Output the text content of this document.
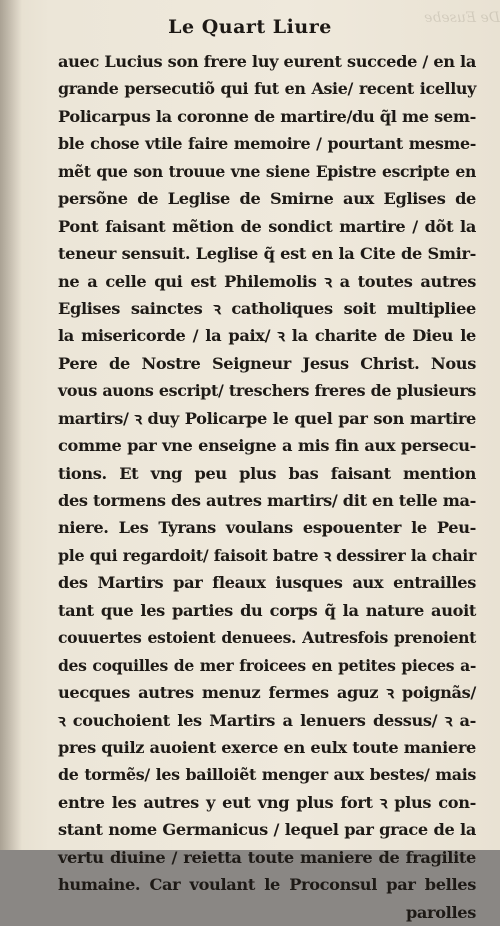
De Eusebe
Le Quart Liure
auec Lucius son frere luy eurent succede / en la
grande persecutiõ qui fut en Asie/ recent icelluy
Policarpus la coronne de martire/du q̃l me sem-
ble chose vtile faire memoire / pourtant mesme-
mẽt que son trouue vne siene Epistre escripte en
persõne de Leglise de Smirne aux Eglises de
Pont faisant mẽtion de sondict martire / dõt la
teneur sensuit. Leglise q̃ est en la Cite de Smir-
ne a celle qui est Philemolis ꝛ a toutes autres
Eglises sainctes ꝛ catholiques soit multipliee
la misericorde / la paix/ ꝛ la charite de Dieu le
Pere de Nostre Seigneur Jesus Christ. Nous
vous auons escript/ treschers freres de plusieurs
martirs/ ꝛ duy Policarpe le quel par son martire
comme par vne enseigne a mis fin aux persecu-
tions. Et vng peu plus bas faisant mention
des tormens des autres martirs/ dit en telle ma-
niere. Les Tyrans voulans espouenter le Peu-
ple qui regardoit/ faisoit batre ꝛ dessirer la chair
des Martirs par fleaux iusques aux entrailles
tant que les parties du corps q̃ la nature auoit
couuertes estoient denuees. Autresfois prenoient
des coquilles de mer froicees en petites pieces a-
uecques autres menuz fermes aguz ꝛ poignãs/
ꝛ couchoient les Martirs a lenuers dessus/ ꝛ a-
pres quilz auoient exerce en eulx toute maniere
de tormẽs/ les bailloiẽt menger aux bestes/ mais
entre les autres y eut vng plus fort ꝛ plus con-
stant nome Germanicus / lequel par grace de la
vertu diuine / reietta toute maniere de fragilite
humaine. Car voulant le Proconsul par belles
parolles
